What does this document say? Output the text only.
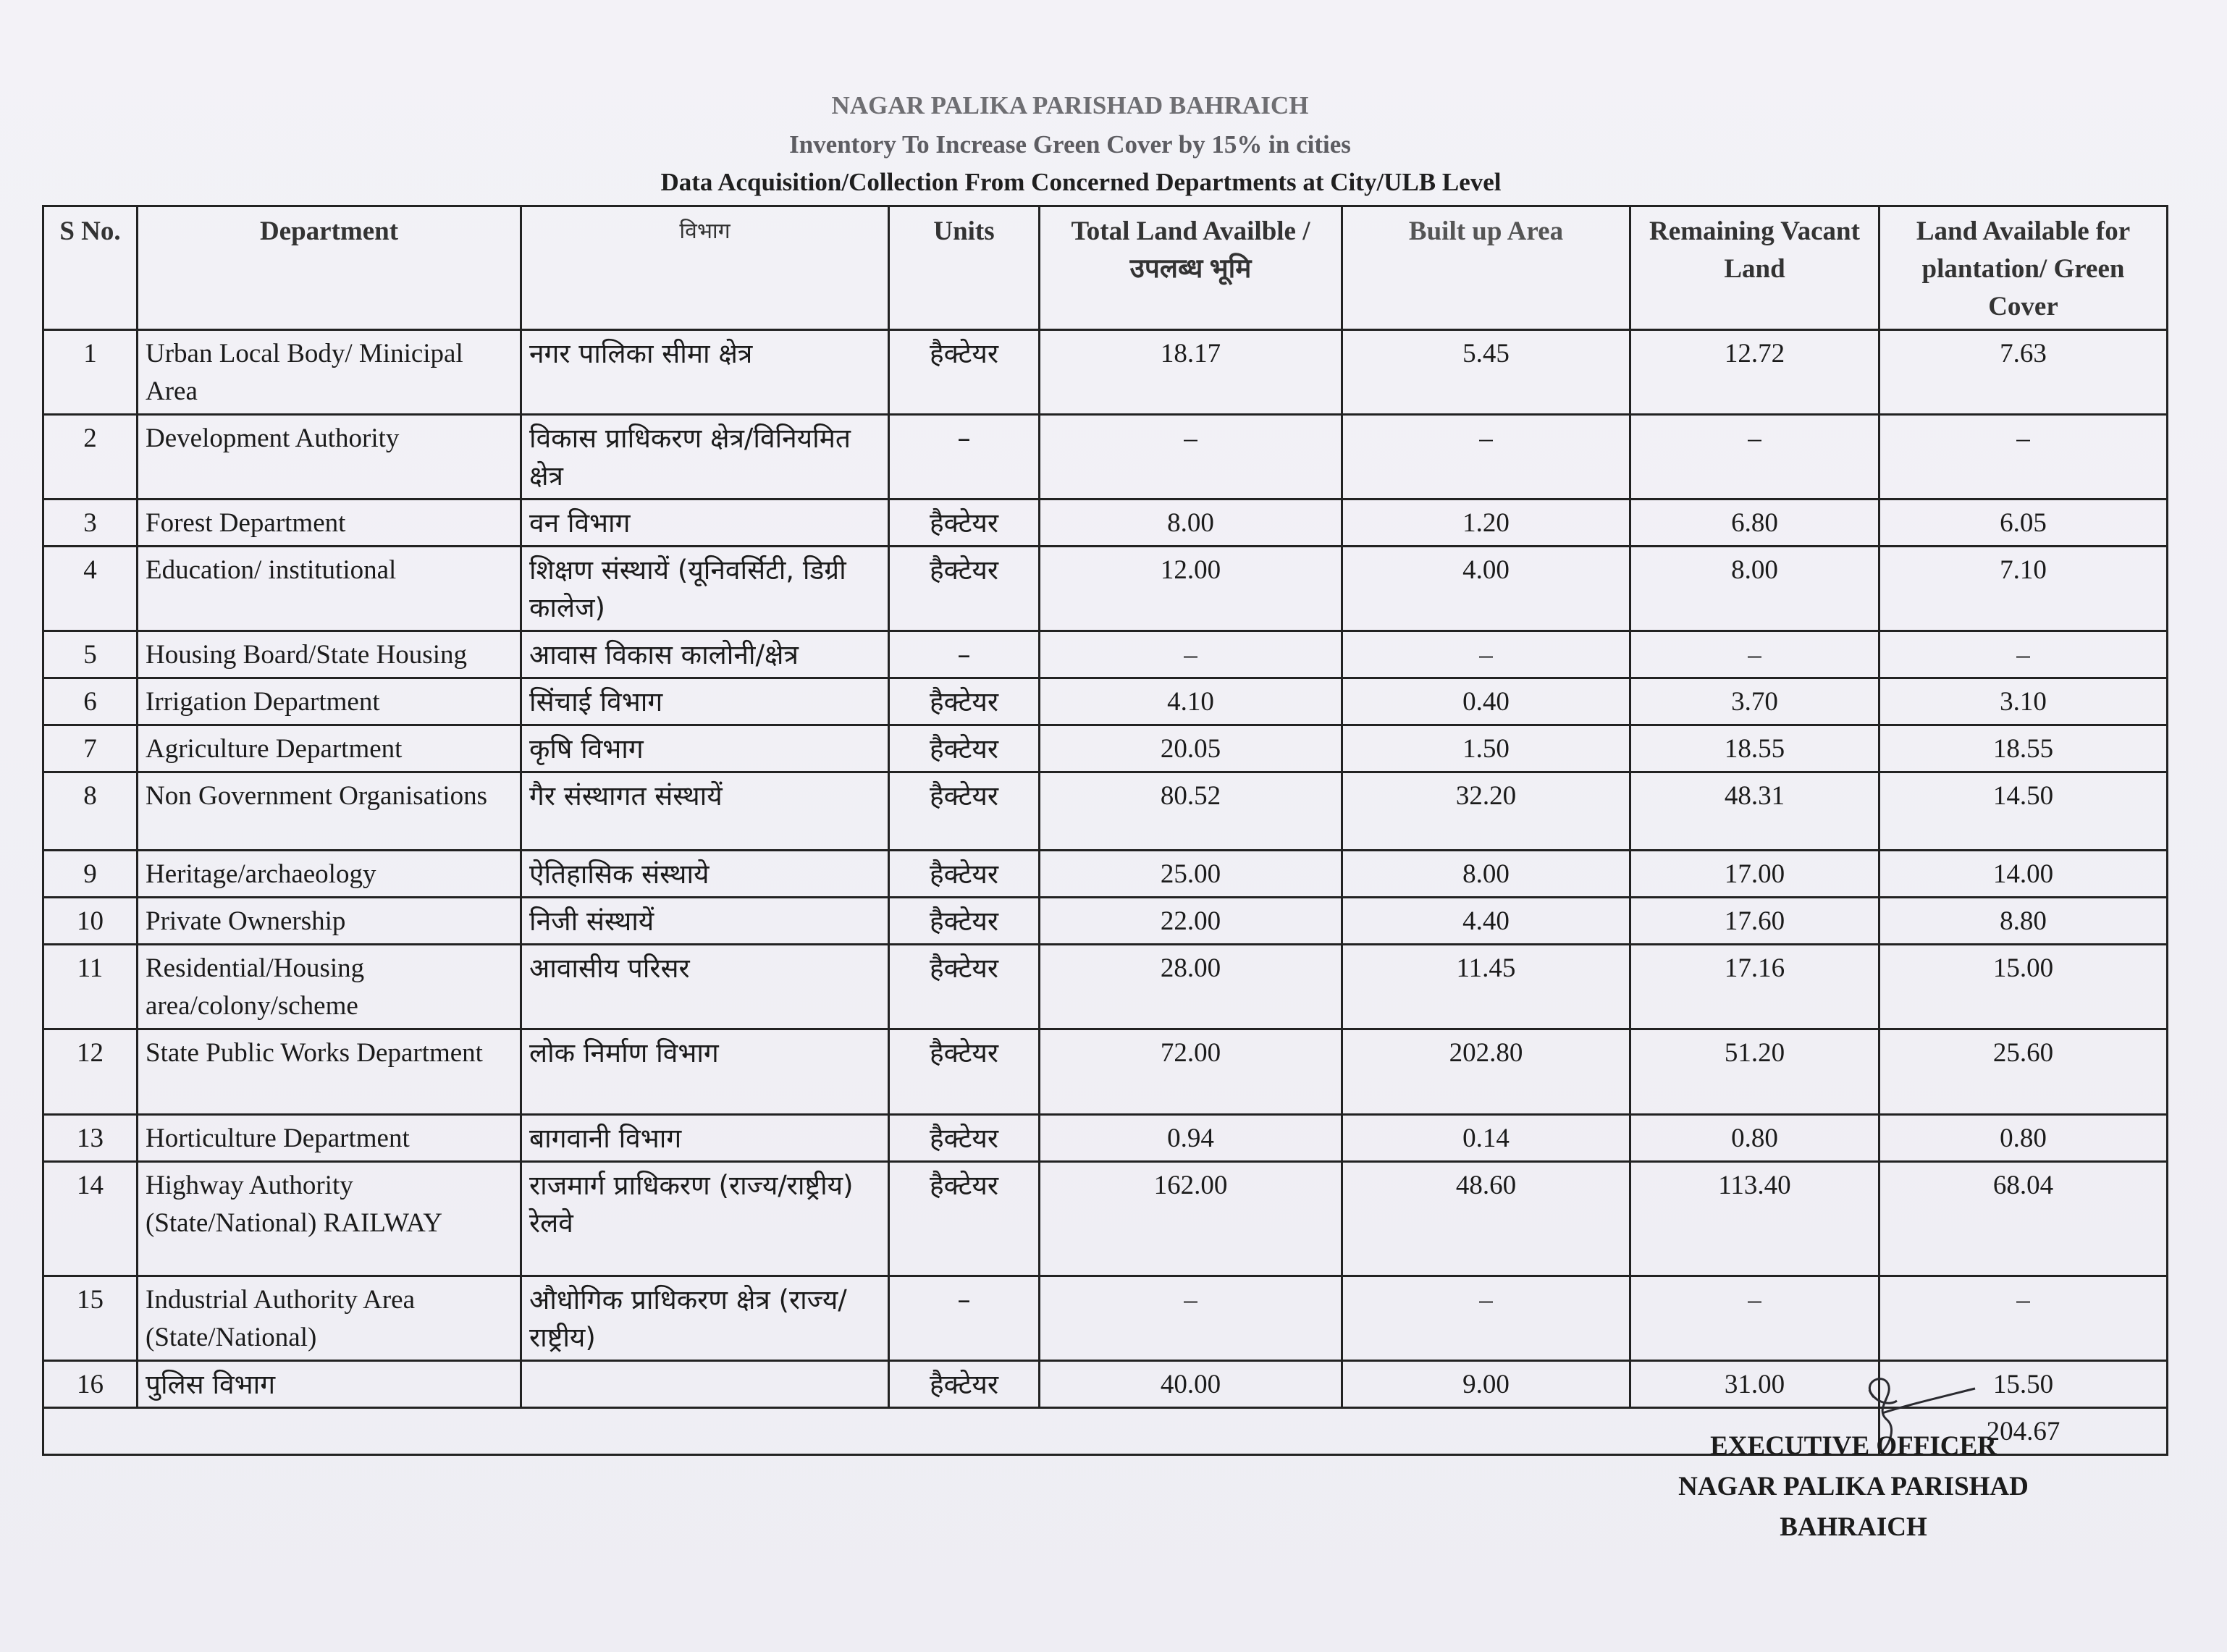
NAGAR PALIKA PARISHAD BAHRAICH
Inventory To Increase Green Cover by 15% in cities
Data Acquisition/Collection From Concerned Departments at City/ULB Level
S No.	Department	विभाग	Units	Total Land Availble /उपलब्ध भूमि	Built up Area	Remaining Vacant Land	Land Available for plantation/ Green Cover
1	Urban Local Body/ Minicipal Area	नगर पालिका सीमा क्षेत्र	हैक्टेयर	18.17	5.45	12.72	7.63
2	Development Authority	विकास प्राधिकरण क्षेत्र/विनियमित क्षेत्र	–	–	–	–	–
3	Forest Department	वन विभाग	हैक्टेयर	8.00	1.20	6.80	6.05
4	Education/ institutional	शिक्षण संस्थायें (यूनिवर्सिटी, डिग्री कालेज)	हैक्टेयर	12.00	4.00	8.00	7.10
5	Housing Board/State Housing	आवास विकास कालोनी/क्षेत्र	–	–	–	–	–
6	Irrigation Department	सिंचाई विभाग	हैक्टेयर	4.10	0.40	3.70	3.10
7	Agriculture Department	कृषि विभाग	हैक्टेयर	20.05	1.50	18.55	18.55
8	Non Government Organisations	गैर संस्थागत संस्थायें	हैक्टेयर	80.52	32.20	48.31	14.50
9	Heritage/archaeology	ऐतिहासिक संस्थाये	हैक्टेयर	25.00	8.00	17.00	14.00
10	Private Ownership	निजी संस्थायें	हैक्टेयर	22.00	4.40	17.60	8.80
11	Residential/Housing area/colony/scheme	आवासीय परिसर	हैक्टेयर	28.00	11.45	17.16	15.00
12	State Public Works Department	लोक निर्माण विभाग	हैक्टेयर	72.00	202.80	51.20	25.60
13	Horticulture Department	बागवानी विभाग	हैक्टेयर	0.94	0.14	0.80	0.80
14	Highway Authority (State/National) RAILWAY	राजमार्ग प्राधिकरण (राज्य/राष्ट्रीय) रेलवे	हैक्टेयर	162.00	48.60	113.40	68.04
15	Industrial Authority Area (State/National)	औधोगिक प्राधिकरण क्षेत्र (राज्य/राष्ट्रीय)	–	–	–	–	–
16	पुलिस विभाग		हैक्टेयर	40.00	9.00	31.00	15.50
							204.67
EXECUTIVE OFFICER
NAGAR PALIKA PARISHAD
BAHRAICH
